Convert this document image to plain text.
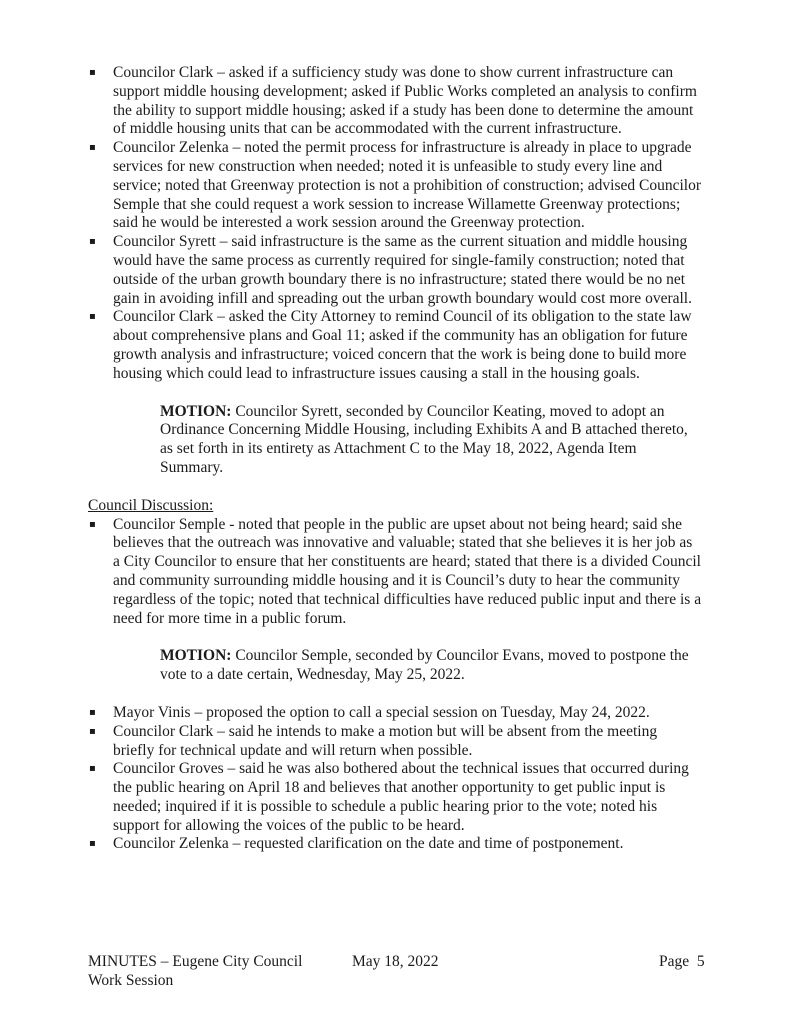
▪ Councilor Clark – asked if a sufficiency study was done to show current infrastructure can support middle housing development; asked if Public Works completed an analysis to confirm the ability to support middle housing; asked if a study has been done to determine the amount of middle housing units that can be accommodated with the current infrastructure.
▪ Councilor Zelenka – noted the permit process for infrastructure is already in place to upgrade services for new construction when needed; noted it is unfeasible to study every line and service; noted that Greenway protection is not a prohibition of construction; advised Councilor Semple that she could request a work session to increase Willamette Greenway protections; said he would be interested a work session around the Greenway protection.
▪ Councilor Syrett – said infrastructure is the same as the current situation and middle housing would have the same process as currently required for single-family construction; noted that outside of the urban growth boundary there is no infrastructure; stated there would be no net gain in avoiding infill and spreading out the urban growth boundary would cost more overall.
▪ Councilor Clark – asked the City Attorney to remind Council of its obligation to the state law about comprehensive plans and Goal 11; asked if the community has an obligation for future growth analysis and infrastructure; voiced concern that the work is being done to build more housing which could lead to infrastructure issues causing a stall in the housing goals.

MOTION: Councilor Syrett, seconded by Councilor Keating, moved to adopt an Ordinance Concerning Middle Housing, including Exhibits A and B attached thereto, as set forth in its entirety as Attachment C to the May 18, 2022, Agenda Item Summary.

Council Discussion:
▪ Councilor Semple - noted that people in the public are upset about not being heard; said she believes that the outreach was innovative and valuable; stated that she believes it is her job as a City Councilor to ensure that her constituents are heard; stated that there is a divided Council and community surrounding middle housing and it is Council’s duty to hear the community regardless of the topic; noted that technical difficulties have reduced public input and there is a need for more time in a public forum.

MOTION: Councilor Semple, seconded by Councilor Evans, moved to postpone the vote to a date certain, Wednesday, May 25, 2022.

▪ Mayor Vinis – proposed the option to call a special session on Tuesday, May 24, 2022.
▪ Councilor Clark – said he intends to make a motion but will be absent from the meeting briefly for technical update and will return when possible.
▪ Councilor Groves – said he was also bothered about the technical issues that occurred during the public hearing on April 18 and believes that another opportunity to get public input is needed; inquired if it is possible to schedule a public hearing prior to the vote; noted his support for allowing the voices of the public to be heard.
▪ Councilor Zelenka – requested clarification on the date and time of postponement.
MINUTES – Eugene City Council
Work Session
May 18, 2022	Page  5
